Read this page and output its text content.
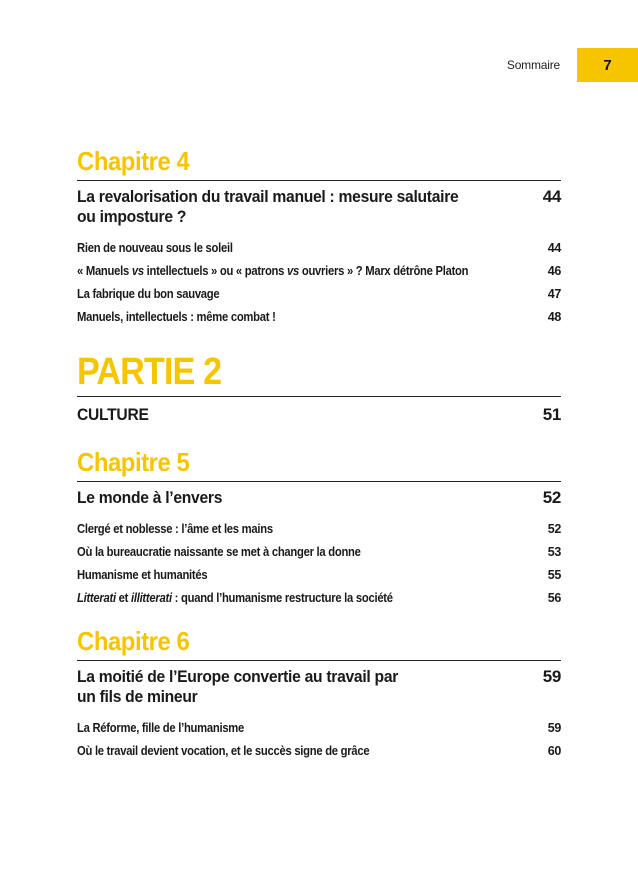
Sommaire	7
Chapitre 4
La revalorisation du travail manuel : mesure salutaire
ou imposture ?
44
Rien de nouveau sous le soleil	44
« Manuels vs intellectuels » ou « patrons vs ouvriers » ? Marx détrône Platon	46
La fabrique du bon sauvage	47
Manuels, intellectuels : même combat !	48
PARTIE 2
CULTURE	51
Chapitre 5
Le monde à l’envers	52
Clergé et noblesse : l’âme et les mains	52
Où la bureaucratie naissante se met à changer la donne	53
Humanisme et humanités	55
Litterati et illitterati : quand l’humanisme restructure la société	56
Chapitre 6
La moitié de l’Europe convertie au travail par
un fils de mineur
59
La Réforme, fille de l’humanisme	59
Où le travail devient vocation, et le succès signe de grâce	60
